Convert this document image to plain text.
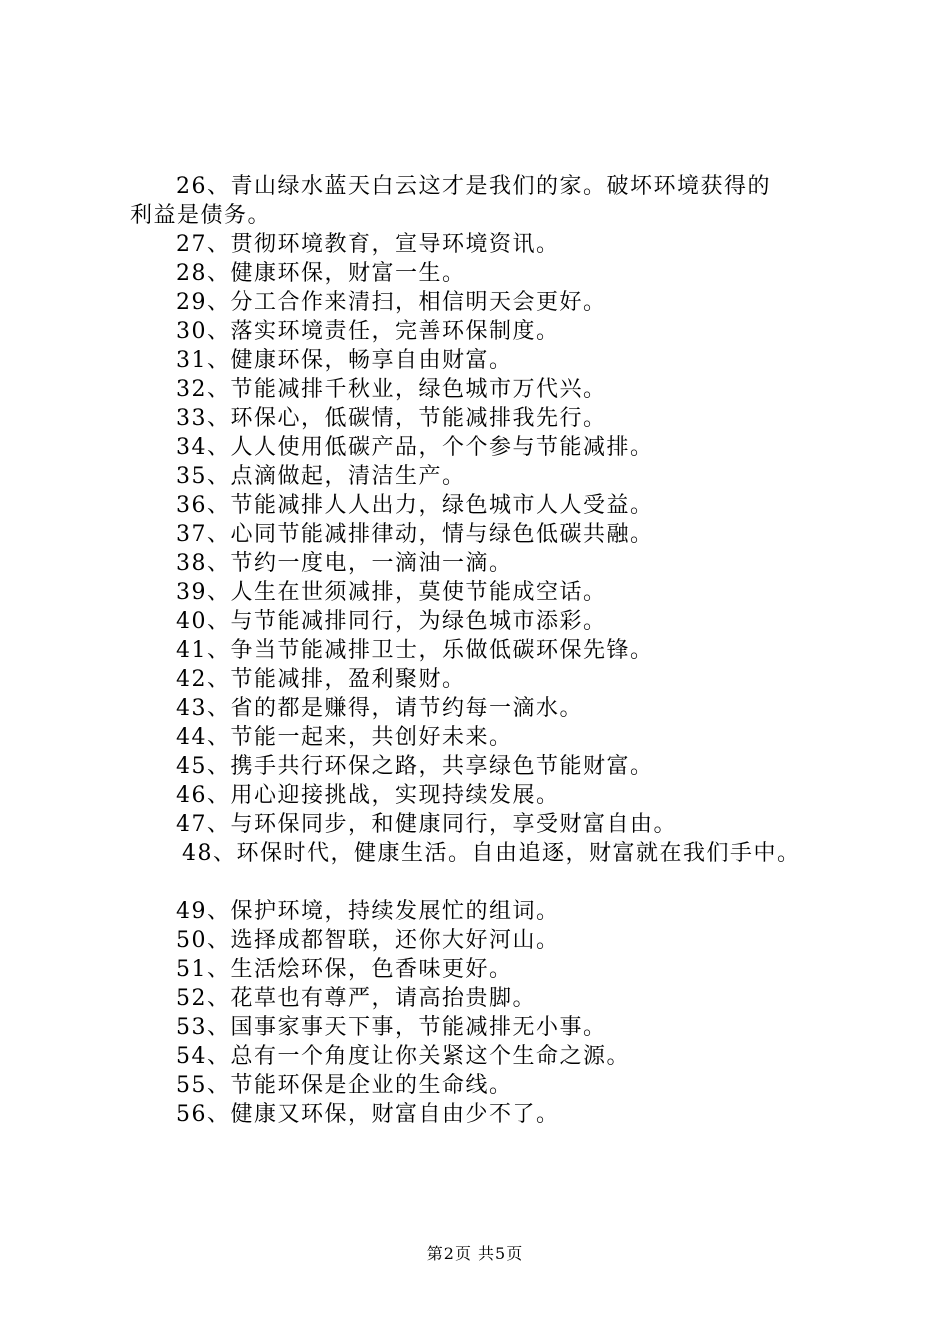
26、青山绿水蓝天白云这才是我们的家。破坏环境获得的
利益是债务。
27、贯彻环境教育，宣导环境资讯。
28、健康环保，财富一生。
29、分工合作来清扫，相信明天会更好。
30、落实环境责任，完善环保制度。
31、健康环保，畅享自由财富。
32、节能减排千秋业，绿色城市万代兴。
33、环保心，低碳情，节能减排我先行。
34、人人使用低碳产品，个个参与节能减排。
35、点滴做起，清洁生产。
36、节能减排人人出力，绿色城市人人受益。
37、心同节能减排律动，情与绿色低碳共融。
38、节约一度电，一滴油一滴。
39、人生在世须减排，莫使节能成空话。
40、与节能减排同行，为绿色城市添彩。
41、争当节能减排卫士，乐做低碳环保先锋。
42、节能减排，盈利聚财。
43、省的都是赚得，请节约每一滴水。
44、节能一起来，共创好未来。
45、携手共行环保之路，共享绿色节能财富。
46、用心迎接挑战，实现持续发展。
47、与环保同步，和健康同行，享受财富自由。
48、环保时代，健康生活。自由追逐，财富就在我们手中。
49、保护环境，持续发展忙的组词。
50、选择成都智联，还你大好河山。
51、生活烩环保，色香味更好。
52、花草也有尊严，请高抬贵脚。
53、国事家事天下事，节能减排无小事。
54、总有一个角度让你关紧这个生命之源。
55、节能环保是企业的生命线。
56、健康又环保，财富自由少不了。
第2页 共5页
